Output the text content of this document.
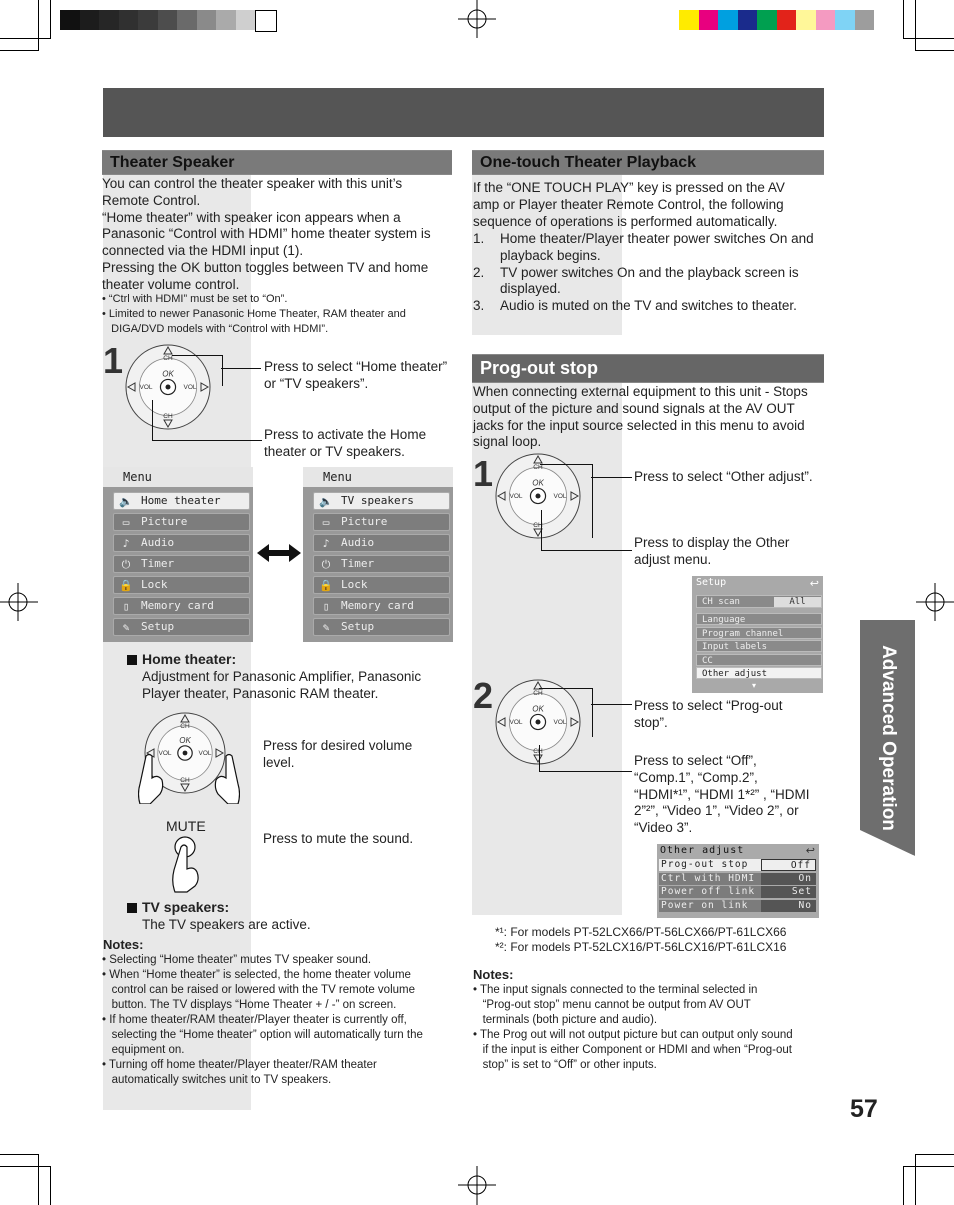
Theater Speaker
You can control the theater speaker with this unit’s
Remote Control.
“Home theater” with speaker icon appears when a
Panasonic “Control with HDMI” home theater system is
connected via the HDMI input (1).
Pressing the OK button toggles between TV and home
theater volume control.
• “Ctrl with HDMI” must be set to “On”.
• Limited to newer Panasonic Home Theater, RAM theater and
DIGA/DVD models with “Control with HDMI”.
1	CH
CH
VOL	VOL
OK	Press to select “Home theater”
or “TV speakers”.
Press to activate the Home
theater or TV speakers.
Menu
🔈 Home theater
▭	Picture
♪	Audio
⏻ Timer
🔒 Lock
▯	Memory card
✎	Setup
Menu
🔈 TV speakers
▭	Picture
♪	Audio
⏻ Timer
🔒 Lock
▯	Memory card
✎	Setup
Home theater:
Adjustment for Panasonic Amplifier, Panasonic
Player theater, Panasonic RAM theater.
CH
CH
VOL	VOL
OK	Press for desired volume
level.
MUTE
Press to mute the sound.
TV speakers:
The TV speakers are active.
Notes:
• Selecting “Home theater” mutes TV speaker sound.
• When “Home theater” is selected, the home theater volume
control can be raised or lowered with the TV remote volume
button. The TV displays “Home Theater + / -” on screen.
• If home theater/RAM theater/Player theater is currently off,
selecting the “Home theater” option will automatically turn the
equipment on.
• Turning off home theater/Player theater/RAM theater
automatically switches unit to TV speakers.
One-touch Theater Playback
If the “ONE TOUCH PLAY” key is pressed on the AV
amp or Player theater Remote Control, the following
sequence of operations is performed automatically.
1. Home theater/Player theater power switches On and
playback begins.
2. TV power switches On and the playback screen is
displayed.
3. Audio is muted on the TV and switches to theater.
Prog-out stop
When connecting external equipment to this unit - Stops
output of the picture and sound signals at the AV OUT
jacks for the input source selected in this menu to avoid
signal loop.
1	CH
CH
VOL	VOL
OK	Press to select “Other adjust”.
Press to display the Other
adjust menu.
Setup	↩
CH scan	All
Language
Program channel
Input labels
CC
Other adjust
▾
2	CH
CH
VOL	VOL
OK	Press to select “Prog-out
stop”.
Press to select “Off”,
“Comp.1”, “Comp.2”,
“HDMI*¹”, “HDMI 1*²” , “HDMI
2”²”, “Video 1”, “Video 2”, or
“Video 3”.
Other adjust	↩
Prog-out stop	Off
Ctrl with HDMI	On
Power off link	Set
Power on link	No
*¹: For models PT-52LCX66/PT-56LCX66/PT-61LCX66
*²: For models PT-52LCX16/PT-56LCX16/PT-61LCX16
Notes:
• The input signals connected to the terminal selected in
“Prog-out stop” menu cannot be output from AV OUT
terminals (both picture and audio).
• The Prog out will not output picture but can output only sound
if the input is either Component or HDMI and when “Prog-out
stop” is set to “Off” or other inputs.
Advanced Operation
57
